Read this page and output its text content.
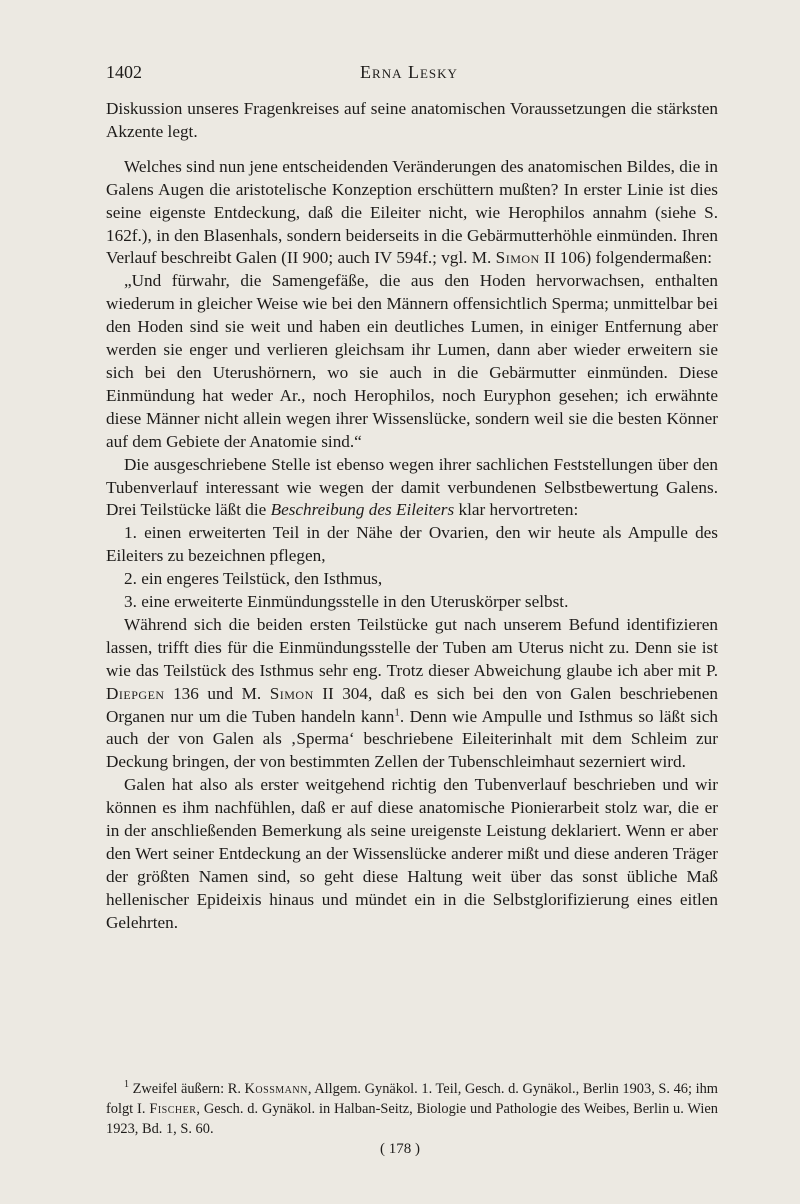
1402	Erna Lesky

Diskussion unseres Fragenkreises auf seine anatomischen Voraussetzungen die stärksten Akzente legt.

Welches sind nun jene entscheidenden Veränderungen des anatomischen Bildes, die in Galens Augen die aristotelische Konzeption erschüttern mußten? In erster Linie ist dies seine eigenste Entdeckung, daß die Eileiter nicht, wie Herophilos annahm (siehe S. 162f.), in den Blasenhals, sondern beiderseits in die Gebärmutterhöhle einmünden. Ihren Verlauf beschreibt Galen (II 900; auch IV 594f.; vgl. M. Simon II 106) folgendermaßen:

„Und fürwahr, die Samengefäße, die aus den Hoden hervorwachsen, enthalten wiederum in gleicher Weise wie bei den Männern offensichtlich Sperma; unmittelbar bei den Hoden sind sie weit und haben ein deutliches Lumen, in einiger Entfernung aber werden sie enger und verlieren gleichsam ihr Lumen, dann aber wieder erweitern sie sich bei den Uterushörnern, wo sie auch in die Gebärmutter einmünden. Diese Einmündung hat weder Ar., noch Herophilos, noch Euryphon gesehen; ich erwähnte diese Männer nicht allein wegen ihrer Wissenslücke, sondern weil sie die besten Könner auf dem Gebiete der Anatomie sind.“

Die ausgeschriebene Stelle ist ebenso wegen ihrer sachlichen Feststellungen über den Tubenverlauf interessant wie wegen der damit verbundenen Selbstbewertung Galens. Drei Teilstücke läßt die Beschreibung des Eileiters klar hervortreten:

1. einen erweiterten Teil in der Nähe der Ovarien, den wir heute als Ampulle des Eileiters zu bezeichnen pflegen,

2. ein engeres Teilstück, den Isthmus,

3. eine erweiterte Einmündungsstelle in den Uteruskörper selbst.

Während sich die beiden ersten Teilstücke gut nach unserem Befund identifizieren lassen, trifft dies für die Einmündungsstelle der Tuben am Uterus nicht zu. Denn sie ist wie das Teilstück des Isthmus sehr eng. Trotz dieser Abweichung glaube ich aber mit P. Diepgen 136 und M. Simon II 304, daß es sich bei den von Galen beschriebenen Organen nur um die Tuben handeln kann$^1$. Denn wie Ampulle und Isthmus so läßt sich auch der von Galen als ‚Sperma‘ beschriebene Eileiterinhalt mit dem Schleim zur Deckung bringen, der von bestimmten Zellen der Tubenschleimhaut sezerniert wird.

Galen hat also als erster weitgehend richtig den Tubenverlauf beschrieben und wir können es ihm nachfühlen, daß er auf diese anatomische Pionierarbeit stolz war, die er in der anschließenden Bemerkung als seine ureigenste Leistung deklariert. Wenn er aber den Wert seiner Entdeckung an der Wissenslücke anderer mißt und diese anderen Träger der größten Namen sind, so geht diese Haltung weit über das sonst übliche Maß hellenischer Epideixis hinaus und mündet ein in die Selbstglorifizierung eines eitlen Gelehrten.

$^1$ Zweifel äußern: R. Kossmann, Allgem. Gynäkol. 1. Teil, Gesch. d. Gynäkol., Berlin 1903, S. 46; ihm folgt I. Fischer, Gesch. d. Gynäkol. in Halban-Seitz, Biologie und Pathologie des Weibes, Berlin u. Wien 1923, Bd. 1, S. 60.
( 178 )
